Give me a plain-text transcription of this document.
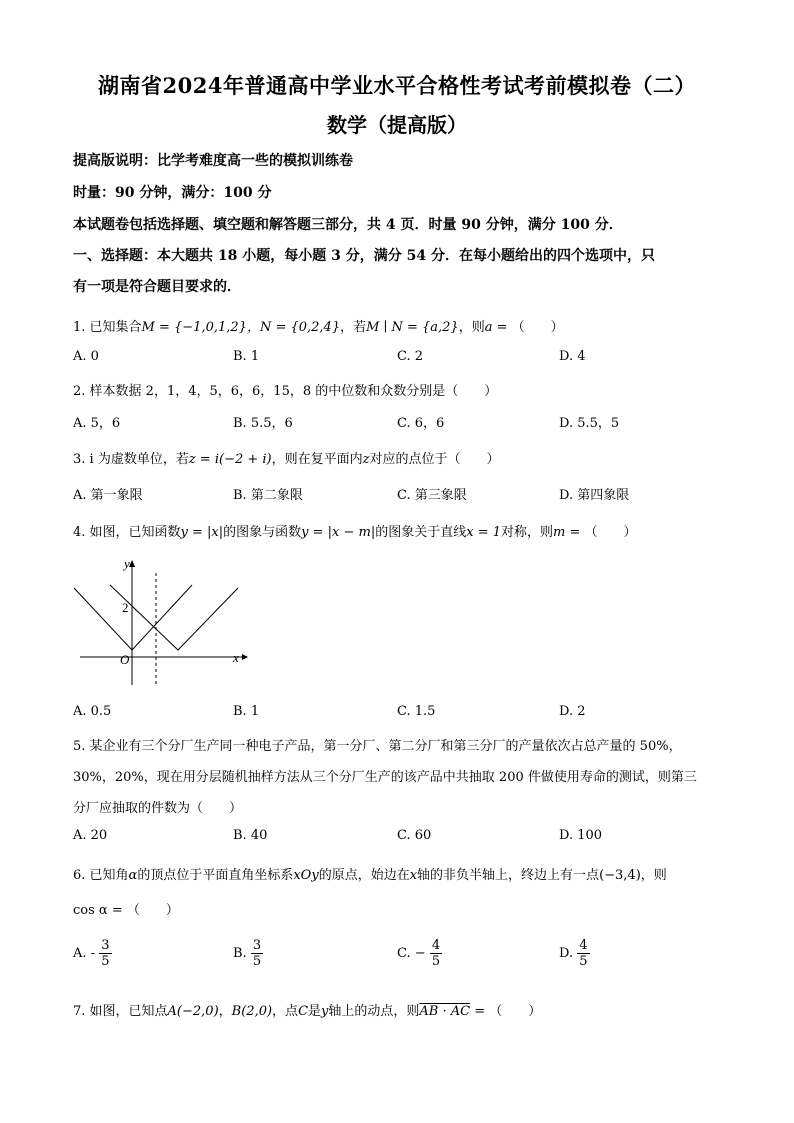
湖南省2024年普通高中学业水平合格性考试考前模拟卷（二）
数学（提高版）
提高版说明：比学考难度高一些的模拟训练卷
时量：90 分钟，满分：100 分
本试题卷包括选择题、填空题和解答题三部分，共 4 页．时量 90 分钟，满分 100 分．
一、选择题：本大题共 18 小题，每小题 3 分，满分 54 分．在每小题给出的四个选项中，只
有一项是符合题目要求的．
1. 已知集合M = {−1,0,1,2}，N = {0,2,4}，若M ∣ N = {a,2}，则a = （　　）
A. 0	B. 1	C. 2	D. 4
2. 样本数据 2，1，4，5，6，6，15，8 的中位数和众数分别是（　　）
A. 5，6	B. 5.5，6	C. 6，6	D. 5.5，5
3. i 为虚数单位，若z = i(−2 + i)，则在复平面内z对应的点位于（　　）
A. 第一象限	B. 第二象限	C. 第三象限	D. 第四象限
4. 如图，已知函数y = |x|的图象与函数y = |x − m|的图象关于直线x = 1对称，则m = （　　）
y
x
O
2
A. 0.5	B. 1	C. 1.5	D. 2
5. 某企业有三个分厂生产同一种电子产品，第一分厂、第二分厂和第三分厂的产量依次占总产量的 50%，
30%，20%，现在用分层随机抽样方法从三个分厂生产的该产品中共抽取 200 件做使用寿命的测试，则第三
分厂应抽取的件数为（　　）
A. 20	B. 40	C. 60	D. 100
6. 已知角α的顶点位于平面直角坐标系xOy的原点，始边在x轴的非负半轴上，终边上有一点(−3,4)，则
cos α = （　　）
A. - $\frac{3}{5}$	B. $\frac{3}{5}$	C. − $\frac{4}{5}$	D. $\frac{4}{5}$
7. 如图，已知点A(−2,0)，B(2,0)，点C是y轴上的动点，则AB · AC = （　　）
